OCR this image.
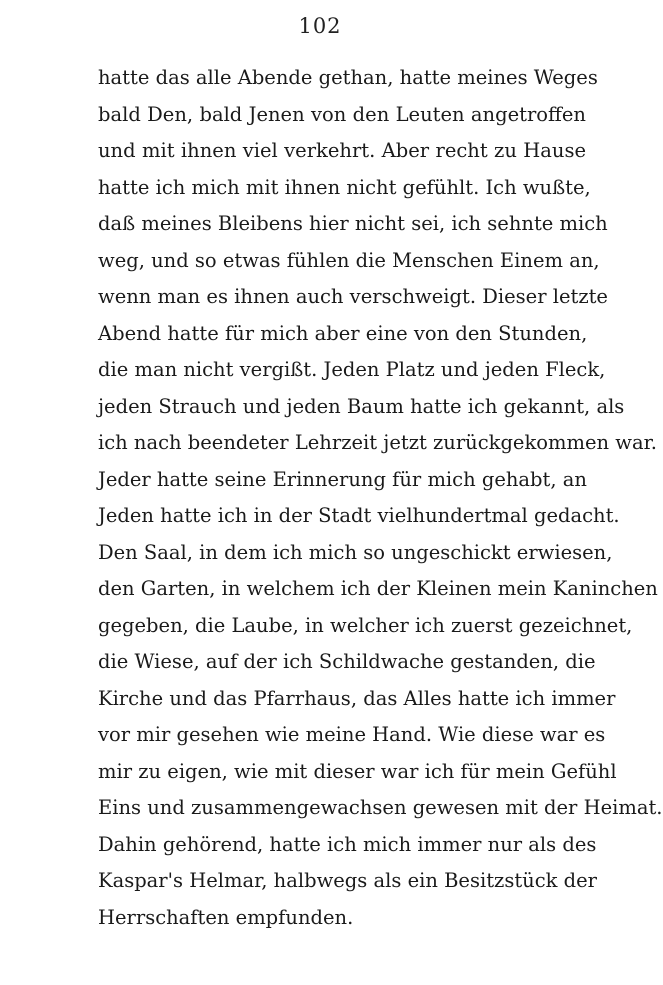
102
hatte das alle Abende gethan, hatte meines Weges
bald Den, bald Jenen von den Leuten angetroffen
und mit ihnen viel verkehrt. Aber recht zu Hause
hatte ich mich mit ihnen nicht gefühlt. Ich wußte,
daß meines Bleibens hier nicht sei, ich sehnte mich
weg, und so etwas fühlen die Menschen Einem an,
wenn man es ihnen auch verschweigt. Dieser letzte
Abend hatte für mich aber eine von den Stunden,
die man nicht vergißt. Jeden Platz und jeden Fleck,
jeden Strauch und jeden Baum hatte ich gekannt, als
ich nach beendeter Lehrzeit jetzt zurückgekommen war.
Jeder hatte seine Erinnerung für mich gehabt, an
Jeden hatte ich in der Stadt vielhundertmal gedacht.
Den Saal, in dem ich mich so ungeschickt erwiesen,
den Garten, in welchem ich der Kleinen mein Kaninchen
gegeben, die Laube, in welcher ich zuerst gezeichnet,
die Wiese, auf der ich Schildwache gestanden, die
Kirche und das Pfarrhaus, das Alles hatte ich immer
vor mir gesehen wie meine Hand. Wie diese war es
mir zu eigen, wie mit dieser war ich für mein Gefühl
Eins und zusammengewachsen gewesen mit der Heimat.
Dahin gehörend, hatte ich mich immer nur als des
Kaspar's Helmar, halbwegs als ein Besitzstück der
Herrschaften empfunden.
